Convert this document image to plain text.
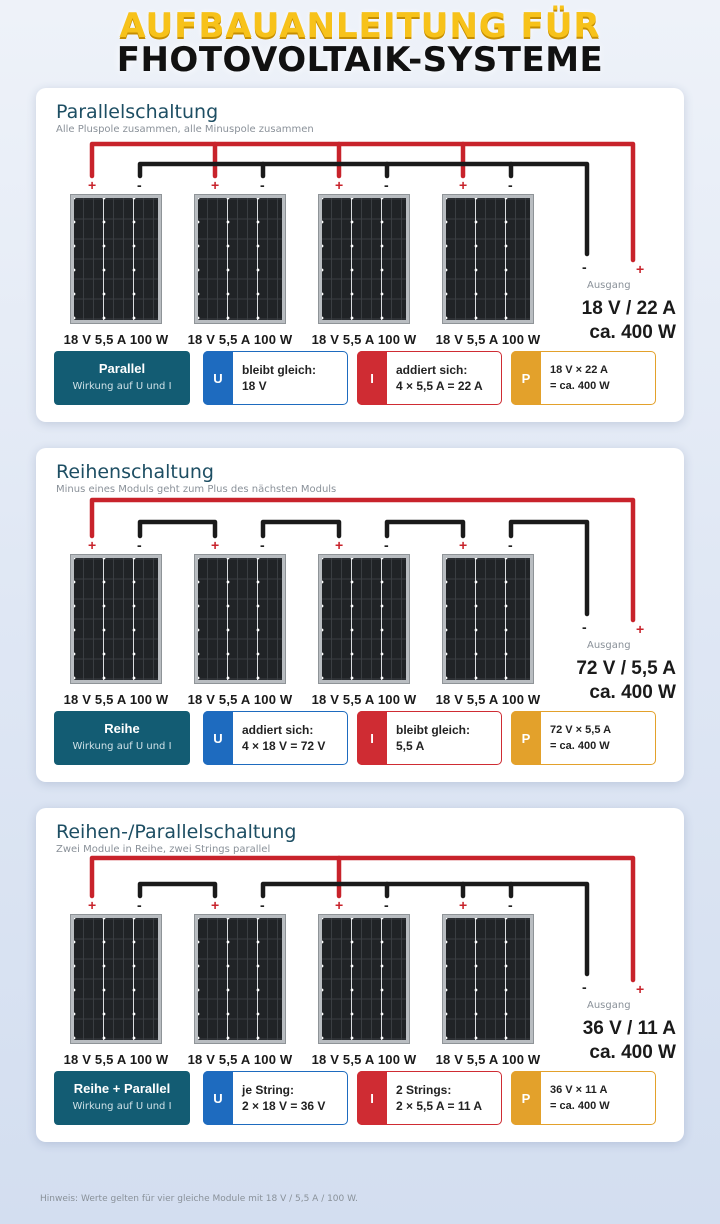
AUFBAUANLEITUNG FÜR
FHOTOVOLTAIK-SYSTEME
Parallelschaltung
Alle Pluspole zusammen, alle Minuspole zusammen
+	-	+	-	+	-	+	-
-	+
18 V 5,5 A 100 W	18 V 5,5 A 100 W	18 V 5,5 A 100 W	18 V 5,5 A 100 W
Ausgang
18 V / 22 A
ca. 400 W
Parallel
Wirkung auf U und I
U
bleibt gleich:
18 V
I
addiert sich:
4 × 5,5 A = 22 A
P
18 V × 22 A
= ca. 400 W
Reihenschaltung
Minus eines Moduls geht zum Plus des nächsten Moduls
+	-	+	-	+	-	+	-
-	+
18 V 5,5 A 100 W	18 V 5,5 A 100 W	18 V 5,5 A 100 W	18 V 5,5 A 100 W
Ausgang
72 V / 5,5 A
ca. 400 W
Reihe
Wirkung auf U und I
U
addiert sich:
4 × 18 V = 72 V
I
bleibt gleich:
5,5 A
P
72 V × 5,5 A
= ca. 400 W
Reihen-/Parallelschaltung
Zwei Module in Reihe, zwei Strings parallel
+	-	+	-	+	-	+	-
-	+
18 V 5,5 A 100 W	18 V 5,5 A 100 W	18 V 5,5 A 100 W	18 V 5,5 A 100 W
Ausgang
36 V / 11 A
ca. 400 W
Reihe + Parallel
Wirkung auf U und I
U
je String:
2 × 18 V = 36 V
I
2 Strings:
2 × 5,5 A = 11 A
P
36 V × 11 A
= ca. 400 W
Hinweis: Werte gelten für vier gleiche Module mit 18 V / 5,5 A / 100 W.
